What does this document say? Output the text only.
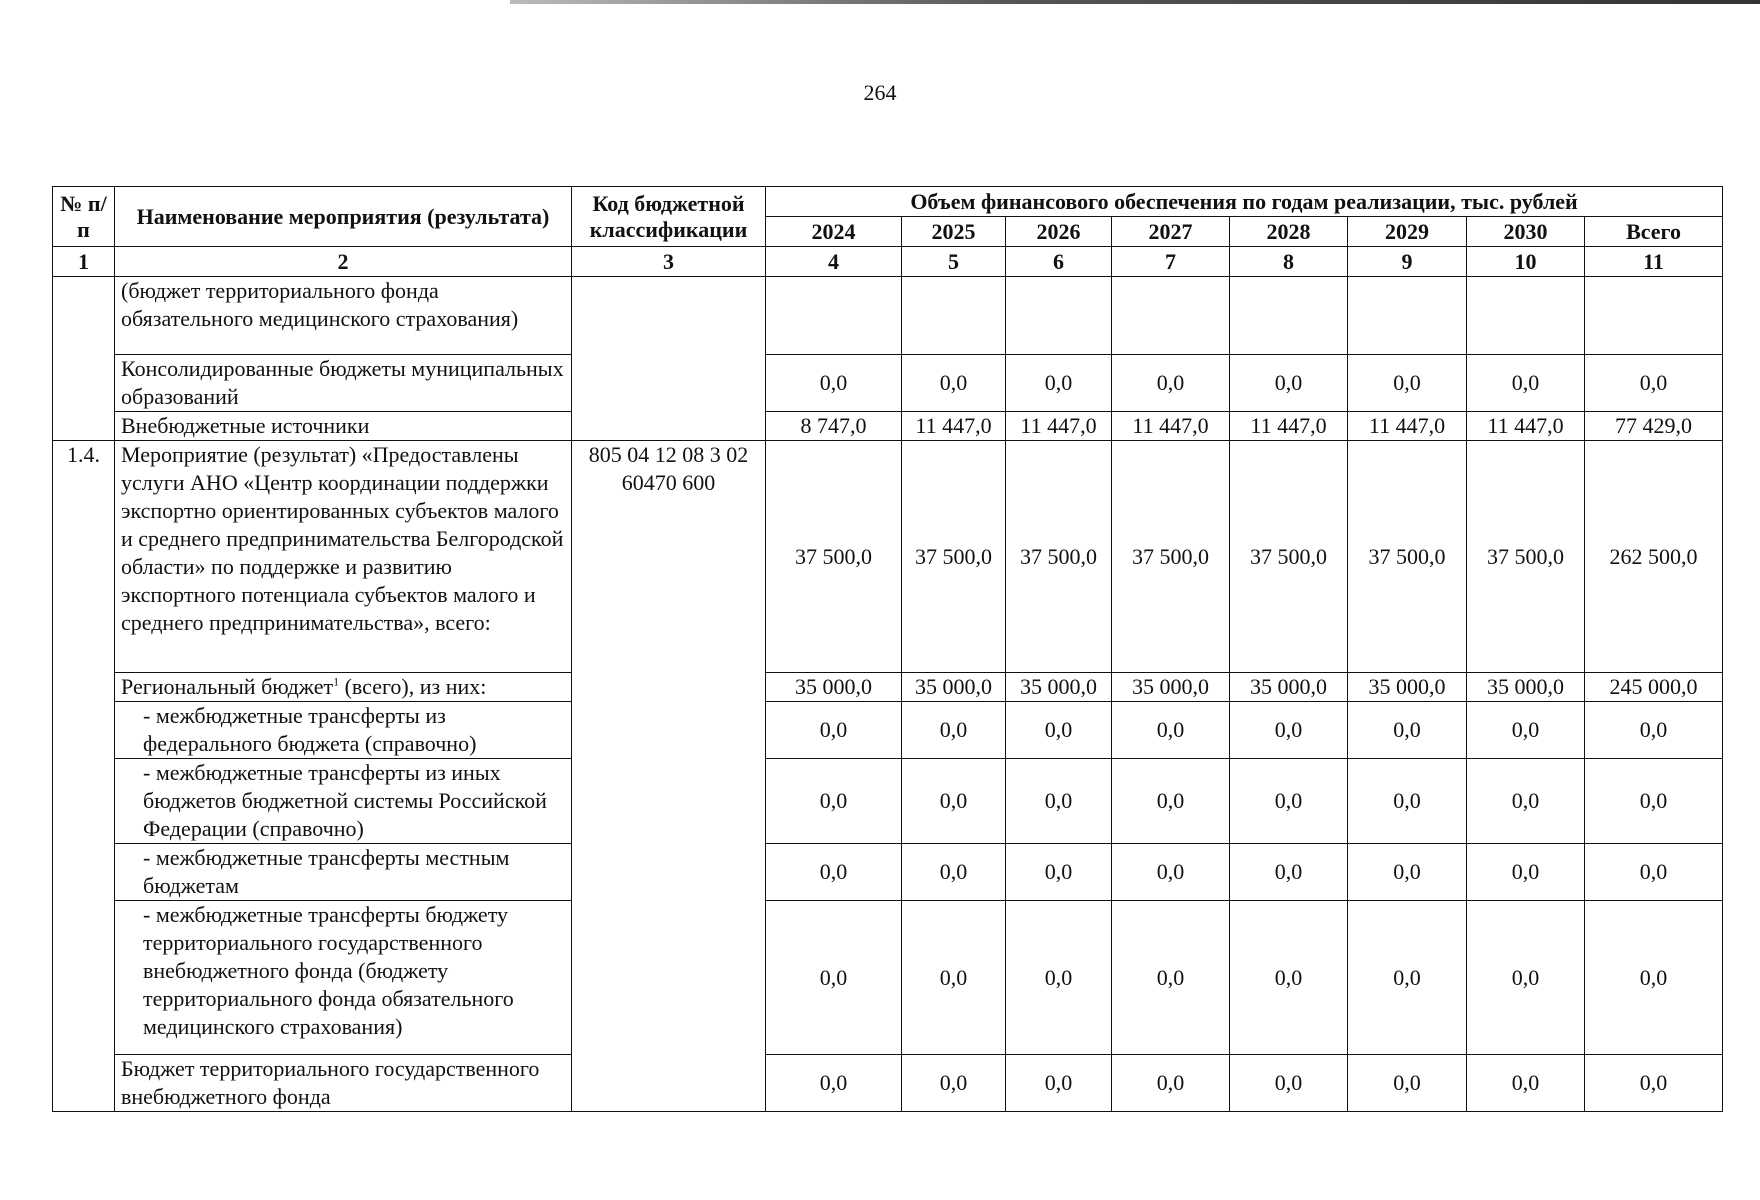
264
№ п/п	Наименование мероприятия (результата)	Код бюджетной классификации	Объем финансового обеспечения по годам реализации, тыс. рублей							
			2024	2025	2026	2027	2028	2029	2030	Всего
1	2	3	4	5	6	7	8	9	10	11
	(бюджет территориального фонда обязательного медицинского страхования)									
	Консолидированные бюджеты муниципальных образований		0,0	0,0	0,0	0,0	0,0	0,0	0,0	0,0
	Внебюджетные источники		8 747,0	11 447,0	11 447,0	11 447,0	11 447,0	11 447,0	11 447,0	77 429,0
1.4.	Мероприятие (результат) «Предоставлены услуги АНО «Центр координации поддержки экспортно ориентированных субъектов малого и среднего предпринимательства Белгородской области» по поддержке и развитию экспортного потенциала субъектов малого и среднего предпринимательства», всего:	805 04 12 08 3 02 60470 600	37 500,0	37 500,0	37 500,0	37 500,0	37 500,0	37 500,0	37 500,0	262 500,0
	Региональный бюджет$^1$ (всего), из них:		35 000,0	35 000,0	35 000,0	35 000,0	35 000,0	35 000,0	35 000,0	245 000,0
	- межбюджетные трансферты из федерального бюджета (справочно)		0,0	0,0	0,0	0,0	0,0	0,0	0,0	0,0
	- межбюджетные трансферты из иных бюджетов бюджетной системы Российской Федерации (справочно)		0,0	0,0	0,0	0,0	0,0	0,0	0,0	0,0
	- межбюджетные трансферты местным бюджетам		0,0	0,0	0,0	0,0	0,0	0,0	0,0	0,0
	- межбюджетные трансферты бюджету территориального государственного внебюджетного фонда (бюджету территориального фонда обязательного медицинского страхования)		0,0	0,0	0,0	0,0	0,0	0,0	0,0	0,0
	Бюджет территориального государственного внебюджетного фонда		0,0	0,0	0,0	0,0	0,0	0,0	0,0	0,0
